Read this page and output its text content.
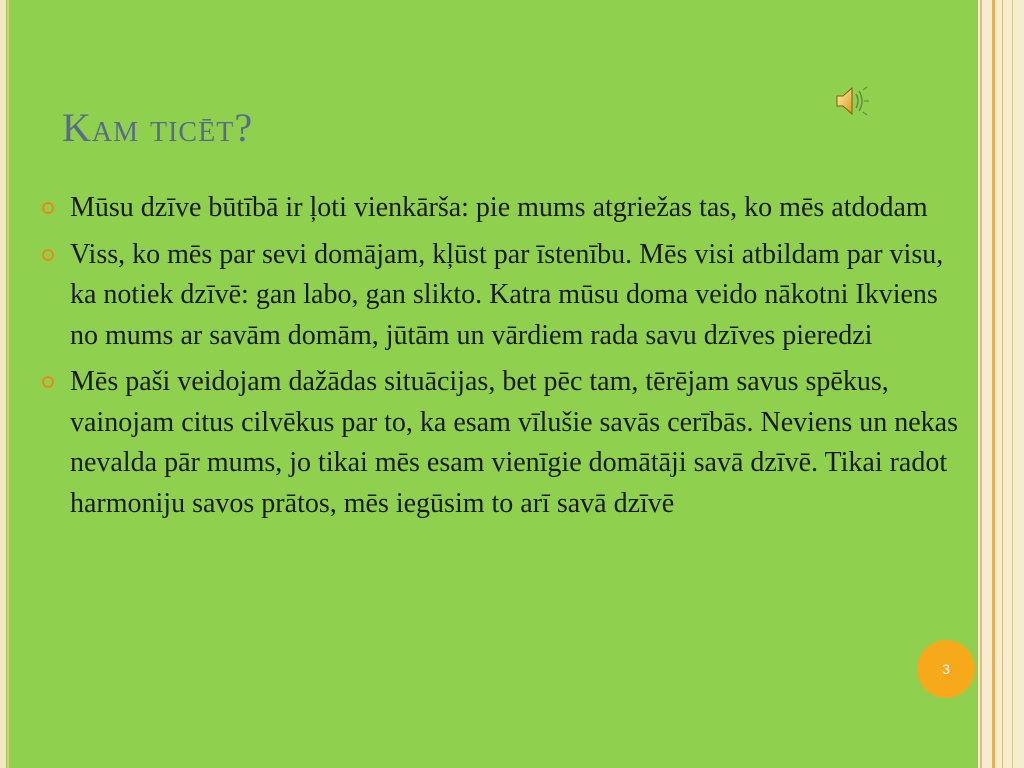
Kam ticēt?
Mūsu dzīve būtībā ir ļoti vienkārša: pie mums atgriežas tas, ko mēs atdodam
Viss, ko mēs par sevi domājam, kļūst par īstenību. Mēs visi atbildam par visu, ka notiek dzīvē: gan labo, gan slikto. Katra mūsu doma veido nākotni Ikviens no mums ar savām domām, jūtām un vārdiem rada savu dzīves pieredzi
Mēs paši veidojam dažādas situācijas, bet pēc tam, tērējam savus spēkus, vainojam citus cilvēkus par to, ka esam vīlušie savās cerībās. Neviens un nekas nevalda pār mums, jo tikai mēs esam vienīgie domātāji savā dzīvē. Tikai radot harmoniju savos prātos, mēs iegūsim to arī savā dzīvē
3
